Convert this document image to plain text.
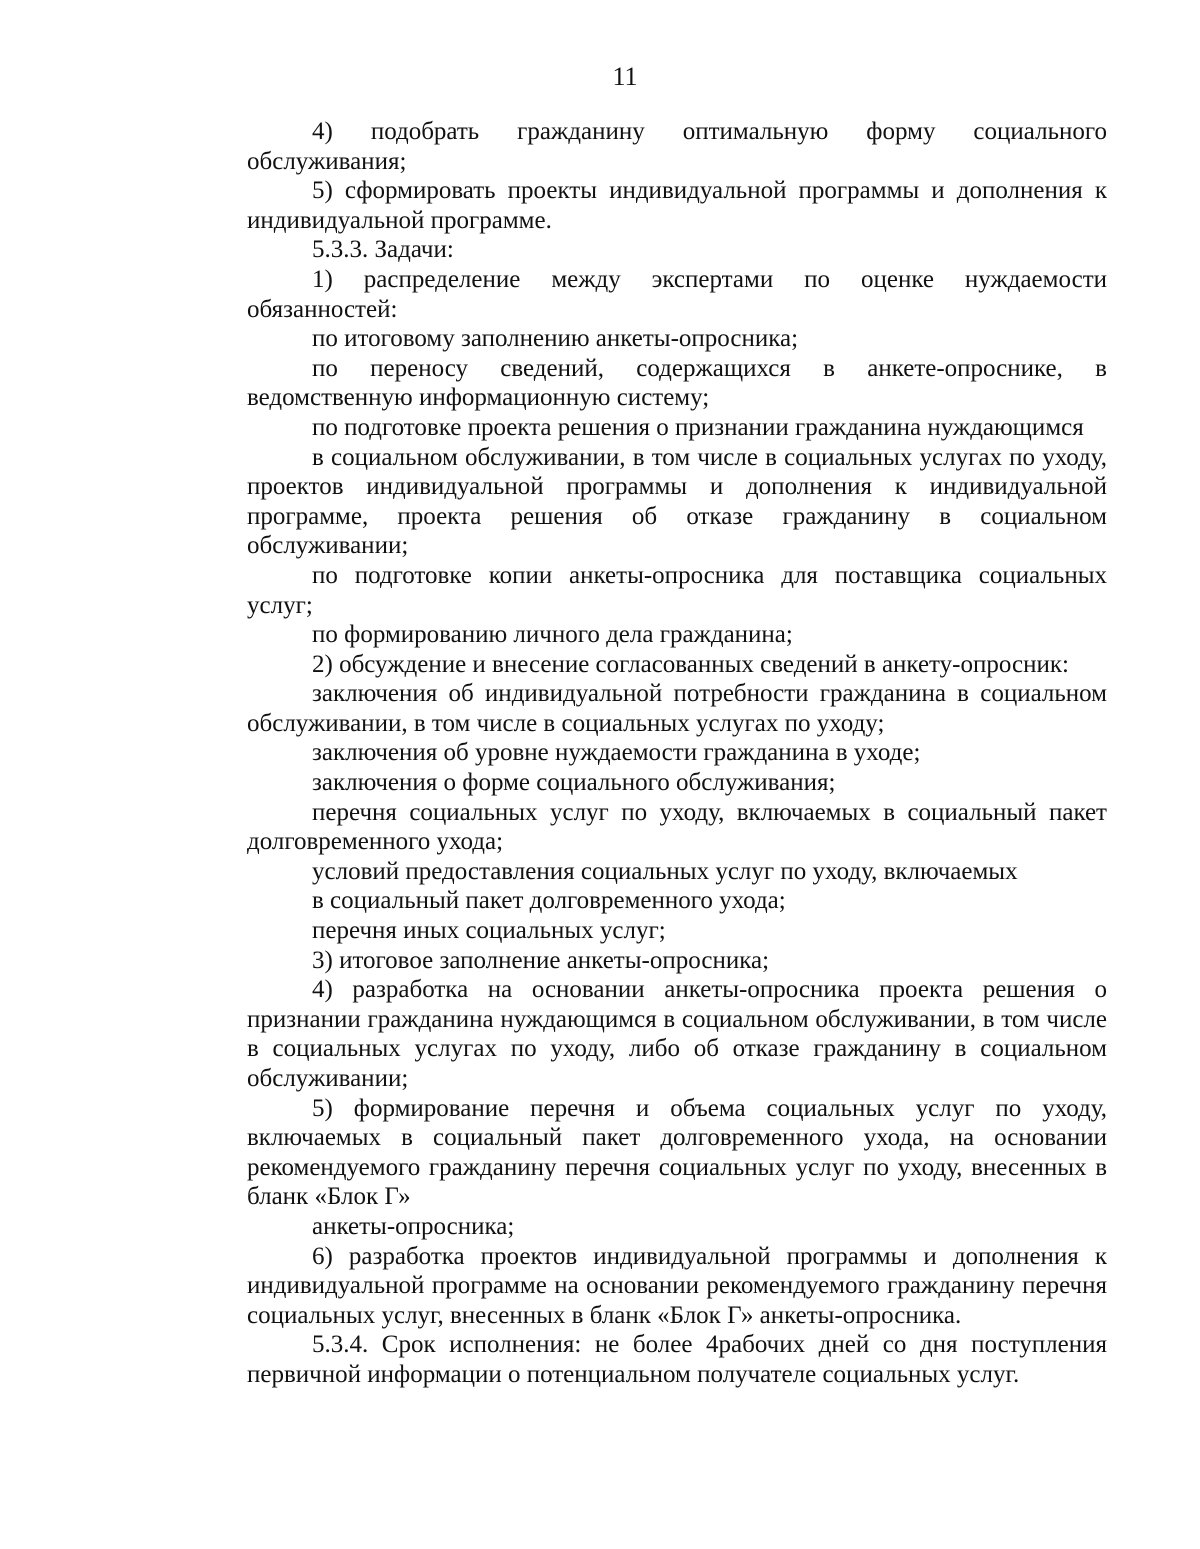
11

4) подобрать гражданину оптимальную форму социального обслуживания;

5) сформировать проекты индивидуальной программы и дополнения к индивидуальной программе.

5.3.3. Задачи:

1) распределение между экспертами по оценке нуждаемости обязанностей:

по итоговому заполнению анкеты-опросника;

по переносу сведений, содержащихся в анкете-опроснике, в ведомственную информационную систему;

по подготовке проекта решения о признании гражданина нуждающимся

в социальном обслуживании, в том числе в социальных услугах по уходу, проектов индивидуальной программы и дополнения к индивидуальной программе, проекта решения об отказе гражданину в социальном обслуживании;

по подготовке копии анкеты-опросника для поставщика социальных услуг;

по формированию личного дела гражданина;

2) обсуждение и внесение согласованных сведений в анкету-опросник:

заключения об индивидуальной потребности гражданина в социальном обслуживании, в том числе в социальных услугах по уходу;

заключения об уровне нуждаемости гражданина в уходе;

заключения о форме социального обслуживания;

перечня социальных услуг по уходу, включаемых в социальный пакет долговременного ухода;

условий предоставления социальных услуг по уходу, включаемых

в социальный пакет долговременного ухода;

перечня иных социальных услуг;

3) итоговое заполнение анкеты-опросника;

4) разработка на основании анкеты-опросника проекта решения о признании гражданина нуждающимся в социальном обслуживании, в том числе в социальных услугах по уходу, либо об отказе гражданину в социальном обслуживании;

5) формирование перечня и объема социальных услуг по уходу, включаемых в социальный пакет долговременного ухода, на основании рекомендуемого гражданину перечня социальных услуг по уходу, внесенных в бланк «Блок Г»

анкеты-опросника;

6) разработка проектов индивидуальной программы и дополнения к индивидуальной программе на основании рекомендуемого гражданину перечня социальных услуг, внесенных в бланк «Блок Г» анкеты-опросника.

5.3.4. Срок исполнения: не более 4рабочих дней со дня поступления первичной информации о потенциальном получателе социальных услуг.
